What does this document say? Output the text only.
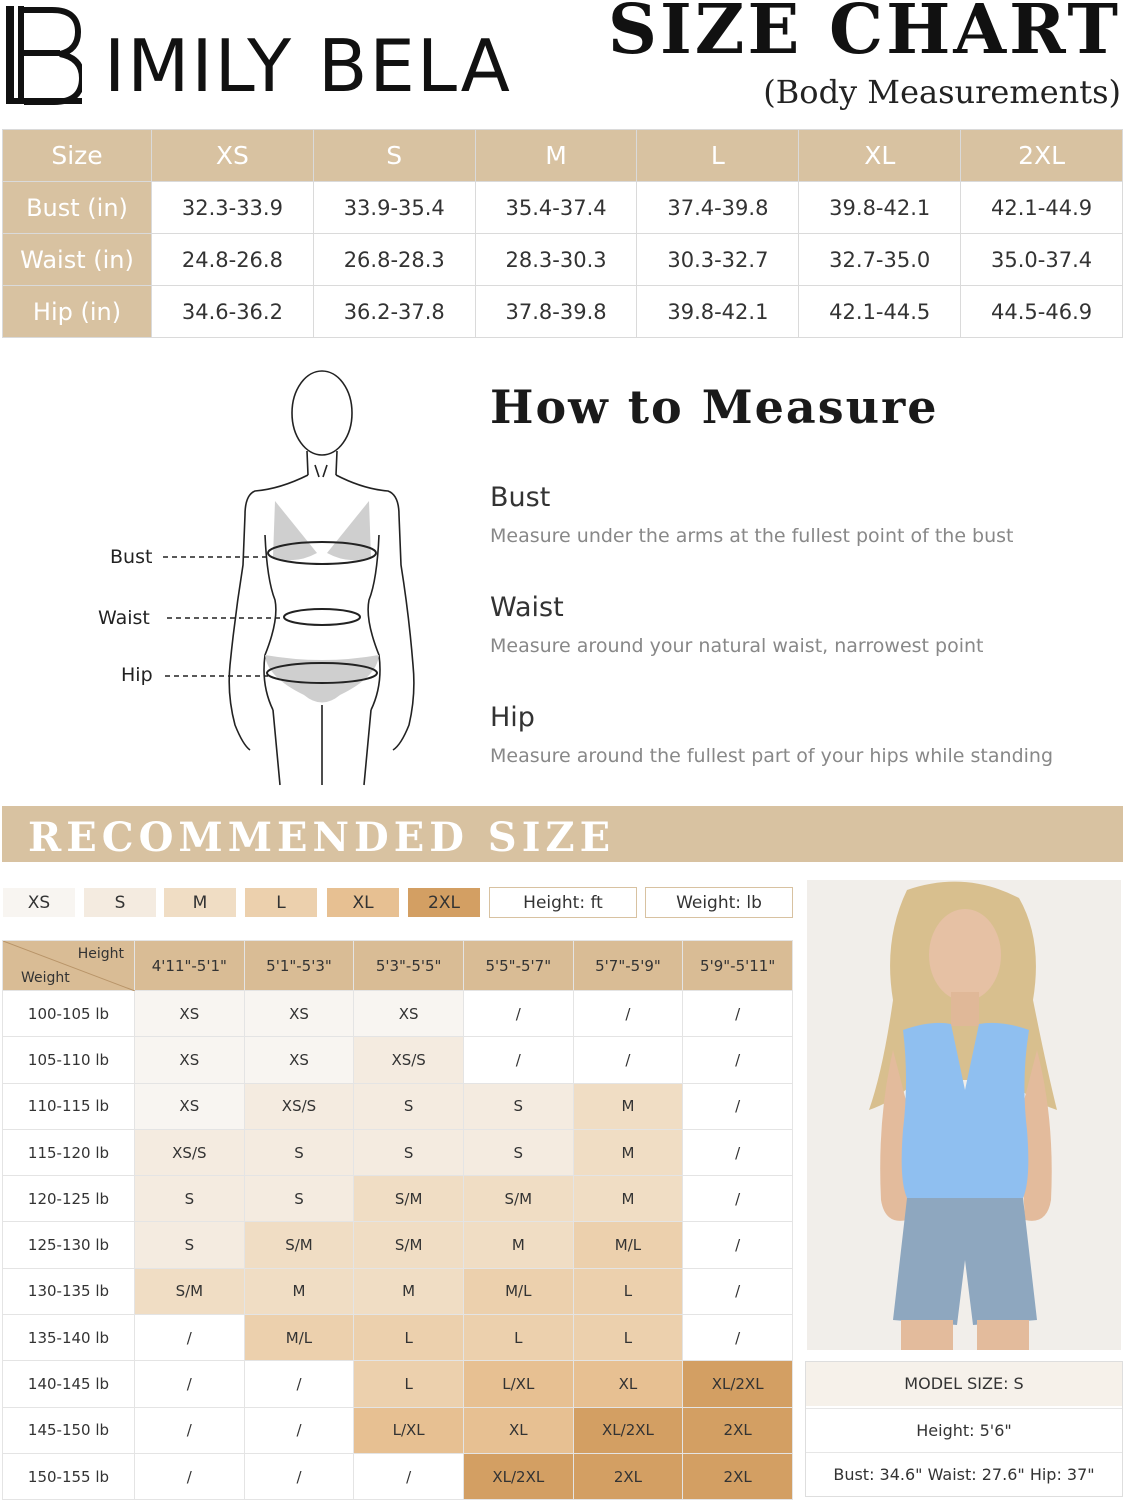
IMILY BELA SIZE CHART
(Body Measurements)
Size	XS	S	M	L	XL	2XL
Bust (in)	32.3-33.9	33.9-35.4	35.4-37.4	37.4-39.8	39.8-42.1	42.1-44.9
Waist (in)	24.8-26.8	26.8-28.3	28.3-30.3	30.3-32.7	32.7-35.0	35.0-37.4
Hip (in)	34.6-36.2	36.2-37.8	37.8-39.8	39.8-42.1	42.1-44.5	44.5-46.9
Bust
Waist
Hip
How to Measure
Bust
Measure under the arms at the fullest point of the bust
Waist
Measure around your natural waist, narrowest point
Hip
Measure around the fullest part of your hips while standing
RECOMMENDED SIZE
XS	S	M	L	XL	2XL	Height: ft	Weight: lb
Height
Weight	4'11"-5'1"	5'1"-5'3"	5'3"-5'5"	5'5"-5'7"	5'7"-5'9"	5'9"-5'11"
100-105 lb	XS	XS	XS	/	/	/
105-110 lb	XS	XS	XS/S	/	/	/
110-115 lb	XS	XS/S	S	S	M	/
115-120 lb	XS/S	S	S	S	M	/
120-125 lb	S	S	S/M	S/M	M	/
125-130 lb	S	S/M	S/M	M	M/L	/
130-135 lb	S/M	M	M	M/L	L	/
135-140 lb	/	M/L	L	L	L	/
140-145 lb	/	/	L	L/XL	XL	XL/2XL
145-150 lb	/	/	L/XL	XL	XL/2XL	2XL
150-155 lb	/	/	/	XL/2XL	2XL	2XL
MODEL SIZE: S
Height: 5'6"
Bust: 34.6" Waist: 27.6" Hip: 37"
